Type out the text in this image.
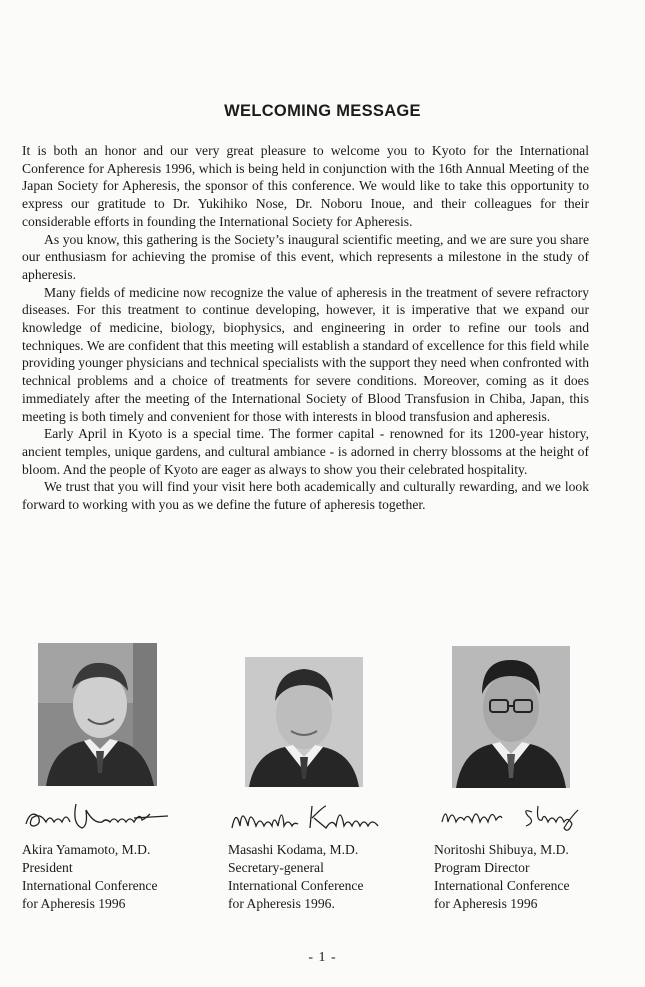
WELCOMING MESSAGE

It is both an honor and our very great pleasure to welcome you to Kyoto for the International Conference for Apheresis 1996, which is being held in conjunction with the 16th Annual Meeting of the Japan Society for Apheresis, the sponsor of this conference. We would like to take this opportunity to express our gratitude to Dr. Yukihiko Nose, Dr. Noboru Inoue, and their colleagues for their considerable efforts in founding the International Society for Apheresis.

As you know, this gathering is the Society’s inaugural scientific meeting, and we are sure you share our enthusiasm for achieving the promise of this event, which represents a milestone in the study of apheresis.

Many fields of medicine now recognize the value of apheresis in the treatment of severe refractory diseases. For this treatment to continue developing, however, it is imperative that we expand our knowledge of medicine, biology, biophysics, and engineering in order to refine our tools and techniques. We are confident that this meeting will establish a standard of excellence for this field while providing younger physicians and technical specialists with the support they need when confronted with technical problems and a choice of treatments for severe conditions. Moreover, coming as it does immediately after the meeting of the International Society of Blood Transfusion in Chiba, Japan, this meeting is both timely and convenient for those with interests in blood transfusion and apheresis.

Early April in Kyoto is a special time. The former capital - renowned for its 1200-year history, ancient temples, unique gardens, and cultural ambiance - is adorned in cherry blossoms at the height of bloom. And the people of Kyoto are eager as always to show you their celebrated hospitality.

We trust that you will find your visit here both academically and culturally rewarding, and we look forward to working with you as we define the future of apheresis together.

Akira Yamamoto, M.D.
President
International Conference
for Apheresis 1996
Masashi Kodama, M.D.
Secretary-general
International Conference
for Apheresis 1996.
Noritoshi Shibuya, M.D.
Program Director
International Conference
for Apheresis 1996
- 1 -
